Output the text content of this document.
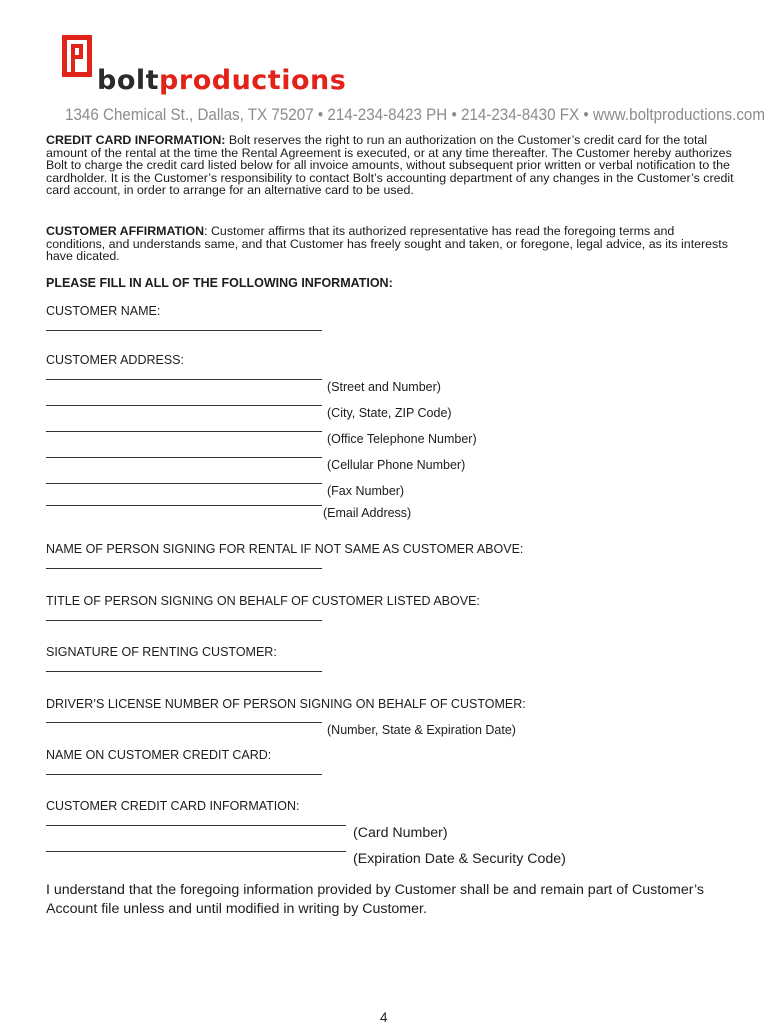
boltproductions
1346 Chemical St., Dallas, TX 75207 • 214-234-8423 PH • 214-234-8430 FX • www.boltproductions.com

CREDIT CARD INFORMATION: Bolt reserves the right to run an authorization on the Customer’s credit card for the total amount of the rental at the time the Rental Agreement is executed, or at any time thereafter. The Customer hereby authorizes Bolt to charge the credit card listed below for all invoice amounts, without subsequent prior written or verbal notification to the cardholder. It is the Customer’s responsibility to contact Bolt’s accounting department of any changes in the Customer’s credit card account, in order to arrange for an alternative card to be used.

CUSTOMER AFFIRMATION: Customer affirms that its authorized representative has read the foregoing terms and conditions, and understands same, and that Customer has freely sought and taken, or foregone, legal advice, as its interests have dicated.

PLEASE FILL IN ALL OF THE FOLLOWING INFORMATION:
CUSTOMER NAME:
CUSTOMER ADDRESS:
(Street and Number)
(City, State, ZIP Code)
(Office Telephone Number)
(Cellular Phone Number)
(Fax Number)
(Email Address)
NAME OF PERSON SIGNING FOR RENTAL IF NOT SAME AS CUSTOMER ABOVE:
TITLE OF PERSON SIGNING ON BEHALF OF CUSTOMER LISTED ABOVE:
SIGNATURE OF RENTING CUSTOMER:
DRIVER’S LICENSE NUMBER OF PERSON SIGNING ON BEHALF OF CUSTOMER:
(Number, State & Expiration Date)
NAME ON CUSTOMER CREDIT CARD:
CUSTOMER CREDIT CARD INFORMATION:
(Card Number)
(Expiration Date & Security Code)

I understand that the foregoing information provided by Customer shall be and remain part of Customer’s Account file unless and until modified in writing by Customer.

4
